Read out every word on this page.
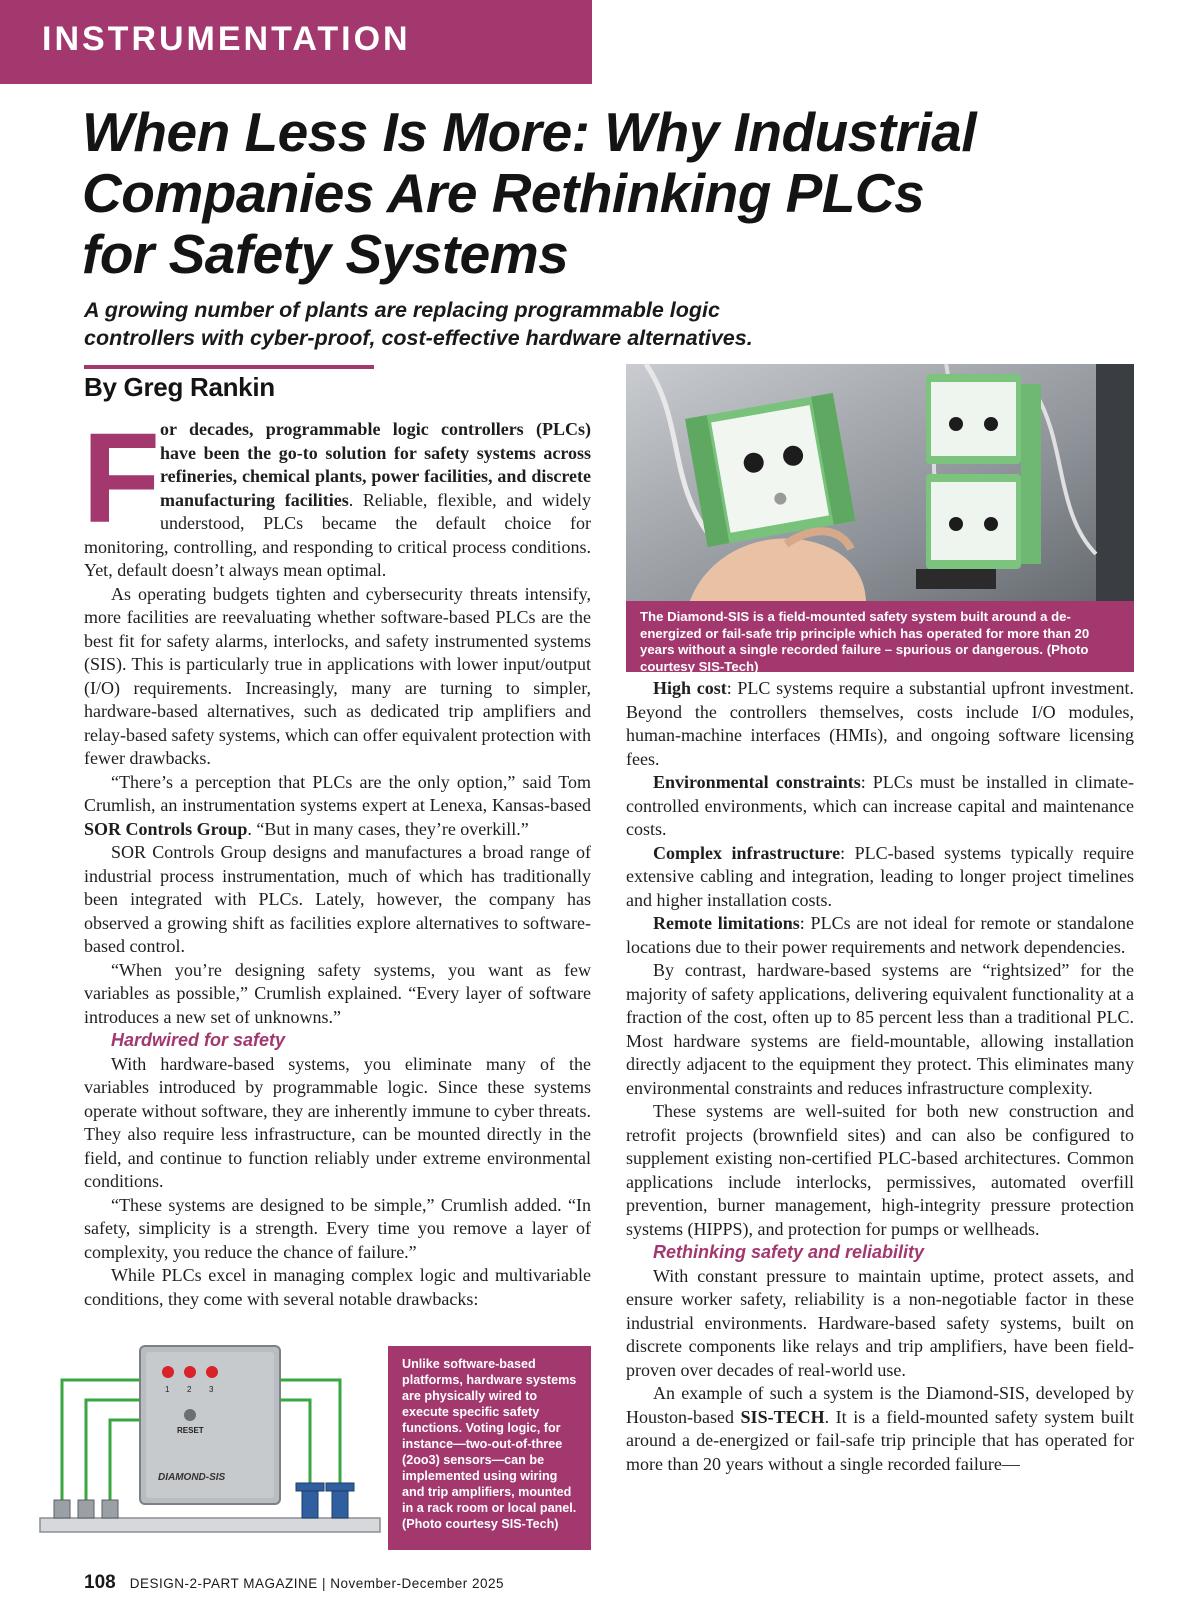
INSTRUMENTATION
When Less Is More: Why Industrial Companies Are Rethinking PLCs for Safety Systems
A growing number of plants are replacing programmable logic controllers with cyber-proof, cost-effective hardware alternatives.
By Greg Rankin

F or decades, programmable logic controllers (PLCs) have been the go-to solution for safety systems across refineries, chemical plants, power facilities, and discrete manufacturing facilities. Reliable, flexible, and widely understood, PLCs became the default choice for monitoring, controlling, and responding to critical process conditions. Yet, default doesn’t always mean optimal.

As operating budgets tighten and cybersecurity threats intensify, more facilities are reevaluating whether software-based PLCs are the best fit for safety alarms, interlocks, and safety instrumented systems (SIS). This is particularly true in applications with lower input/output (I/O) requirements. Increasingly, many are turning to simpler, hardware-based alternatives, such as dedicated trip amplifiers and relay-based safety systems, which can offer equivalent protection with fewer drawbacks.

“There’s a perception that PLCs are the only option,” said Tom Crumlish, an instrumentation systems expert at Lenexa, Kansas-based SOR Controls Group. “But in many cases, they’re overkill.”

SOR Controls Group designs and manufactures a broad range of industrial process instrumentation, much of which has traditionally been integrated with PLCs. Lately, however, the company has observed a growing shift as facilities explore alternatives to software-based control.

“When you’re designing safety systems, you want as few variables as possible,” Crumlish explained. “Every layer of software introduces a new set of unknowns.”

Hardwired for safety

With hardware-based systems, you eliminate many of the variables introduced by programmable logic. Since these systems operate without software, they are inherently immune to cyber threats. They also require less infrastructure, can be mounted directly in the field, and continue to function reliably under extreme environmental conditions.

“These systems are designed to be simple,” Crumlish added. “In safety, simplicity is a strength. Every time you remove a layer of complexity, you reduce the chance of failure.”

While PLCs excel in managing complex logic and multivariable conditions, they come with several notable drawbacks:

The Diamond-SIS is a field-mounted safety system built around a de-energized or fail-safe trip principle which has operated for more than 20 years without a single recorded failure – spurious or dangerous. (Photo courtesy SIS-Tech)

High cost: PLC systems require a substantial upfront investment. Beyond the controllers themselves, costs include I/O modules, human-machine interfaces (HMIs), and ongoing software licensing fees.

Environmental constraints: PLCs must be installed in climate-controlled environments, which can increase capital and maintenance costs.

Complex infrastructure: PLC-based systems typically require extensive cabling and integration, leading to longer project timelines and higher installation costs.

Remote limitations: PLCs are not ideal for remote or standalone locations due to their power requirements and network dependencies.

By contrast, hardware-based systems are “rightsized” for the majority of safety applications, delivering equivalent functionality at a fraction of the cost, often up to 85 percent less than a traditional PLC. Most hardware systems are field-mountable, allowing installation directly adjacent to the equipment they protect. This eliminates many environmental constraints and reduces infrastructure complexity.

These systems are well-suited for both new construction and retrofit projects (brownfield sites) and can also be configured to supplement existing non-certified PLC-based architectures. Common applications include interlocks, permissives, automated overfill prevention, burner management, high-integrity pressure protection systems (HIPPS), and protection for pumps or wellheads.

Rethinking safety and reliability

With constant pressure to maintain uptime, protect assets, and ensure worker safety, reliability is a non-negotiable factor in these industrial environments. Hardware-based safety systems, built on discrete components like relays and trip amplifiers, have been field-proven over decades of real-world use.

An example of such a system is the Diamond-SIS, developed by Houston-based SIS-TECH. It is a field-mounted safety system built around a de-energized or fail-safe trip principle that has operated for more than 20 years without a single recorded failure—

1 2 3
RESET
DIAMOND-SIS
Unlike software-based platforms, hardware systems are physically wired to execute specific safety functions. Voting logic, for instance—two-out-of-three (2oo3) sensors—can be implemented using wiring and trip amplifiers, mounted in a rack room or local panel. (Photo courtesy SIS-Tech)
108 DESIGN-2-PART MAGAZINE | November-December 2025
